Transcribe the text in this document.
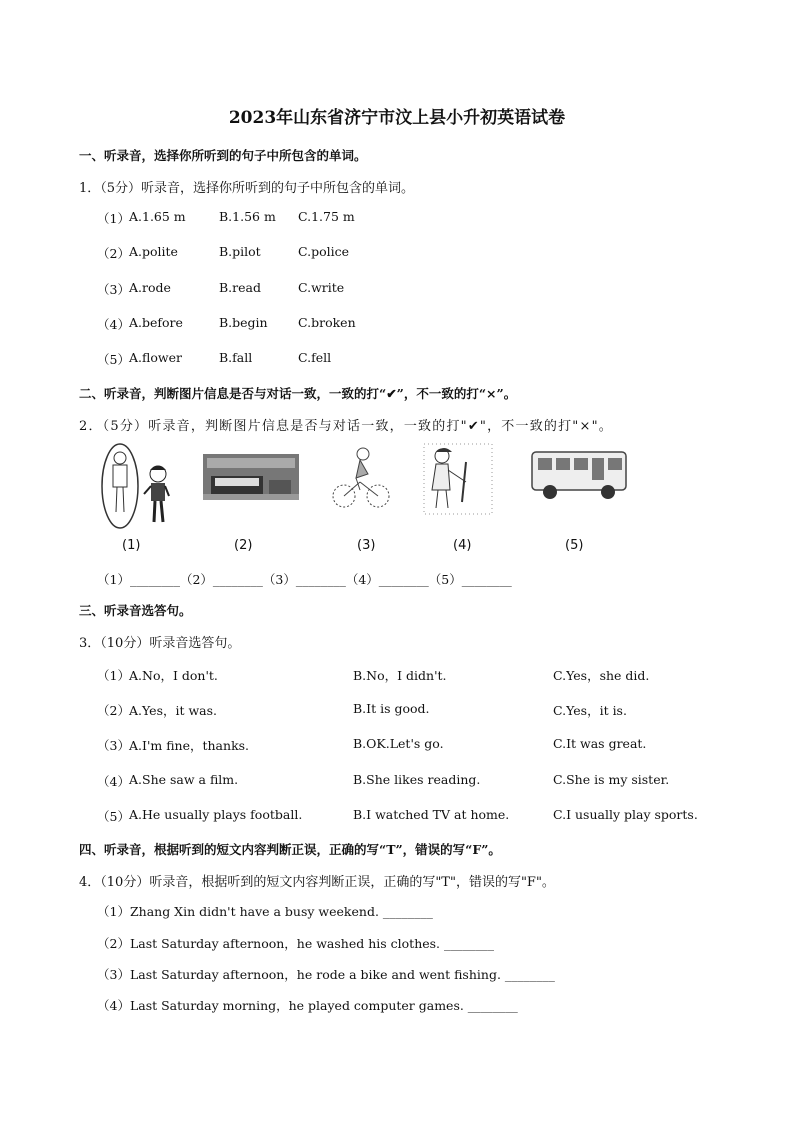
2023年山东省济宁市汶上县小升初英语试卷
一、听录音，选择你所听到的句子中所包含的单词。
1．（5分）听录音，选择你所听到的句子中所包含的单词。
（1） A.1.65 m	B.1.56 m C.1.75 m
（2） A.polite	B.pilot	C.police
（3） A.rode	B.read	C.write
（4） A.before	B.begin C.broken
（5） A.flower	B.fall	C.fell
二、听录音，判断图片信息是否与对话一致，一致的打“✔”，不一致的打“×”。
2．（5分）听录音，判断图片信息是否与对话一致，一致的打"✔"，不一致的打"×"。
(1)	(2)	(3)	(4)	(5)
（1）________（2）________（3）________（4）________（5）________
三、听录音选答句。
3．（10分）听录音选答句。
（1） A.No，I don't.	B.No，I didn't.	C.Yes，she did.
（2） A.Yes，it was.	B.It is good.	C.Yes，it is.
（3） A.I'm fine，thanks.	B.OK.Let's go.	C.It was great.
（4） A.She saw a film.	B.She likes reading.	C.She is my sister.
（5） A.He usually plays football.	B.I watched TV at home.	C.I usually play sports.
四、听录音，根据听到的短文内容判断正误，正确的写“T”，错误的写“F”。
4．（10分）听录音，根据听到的短文内容判断正误，正确的写"T"，错误的写"F"。
（1）Zhang Xin didn't have a busy weekend. ________
（2）Last Saturday afternoon，he washed his clothes. ________
（3）Last Saturday afternoon，he rode a bike and went fishing. ________
（4）Last Saturday morning，he played computer games. ________
